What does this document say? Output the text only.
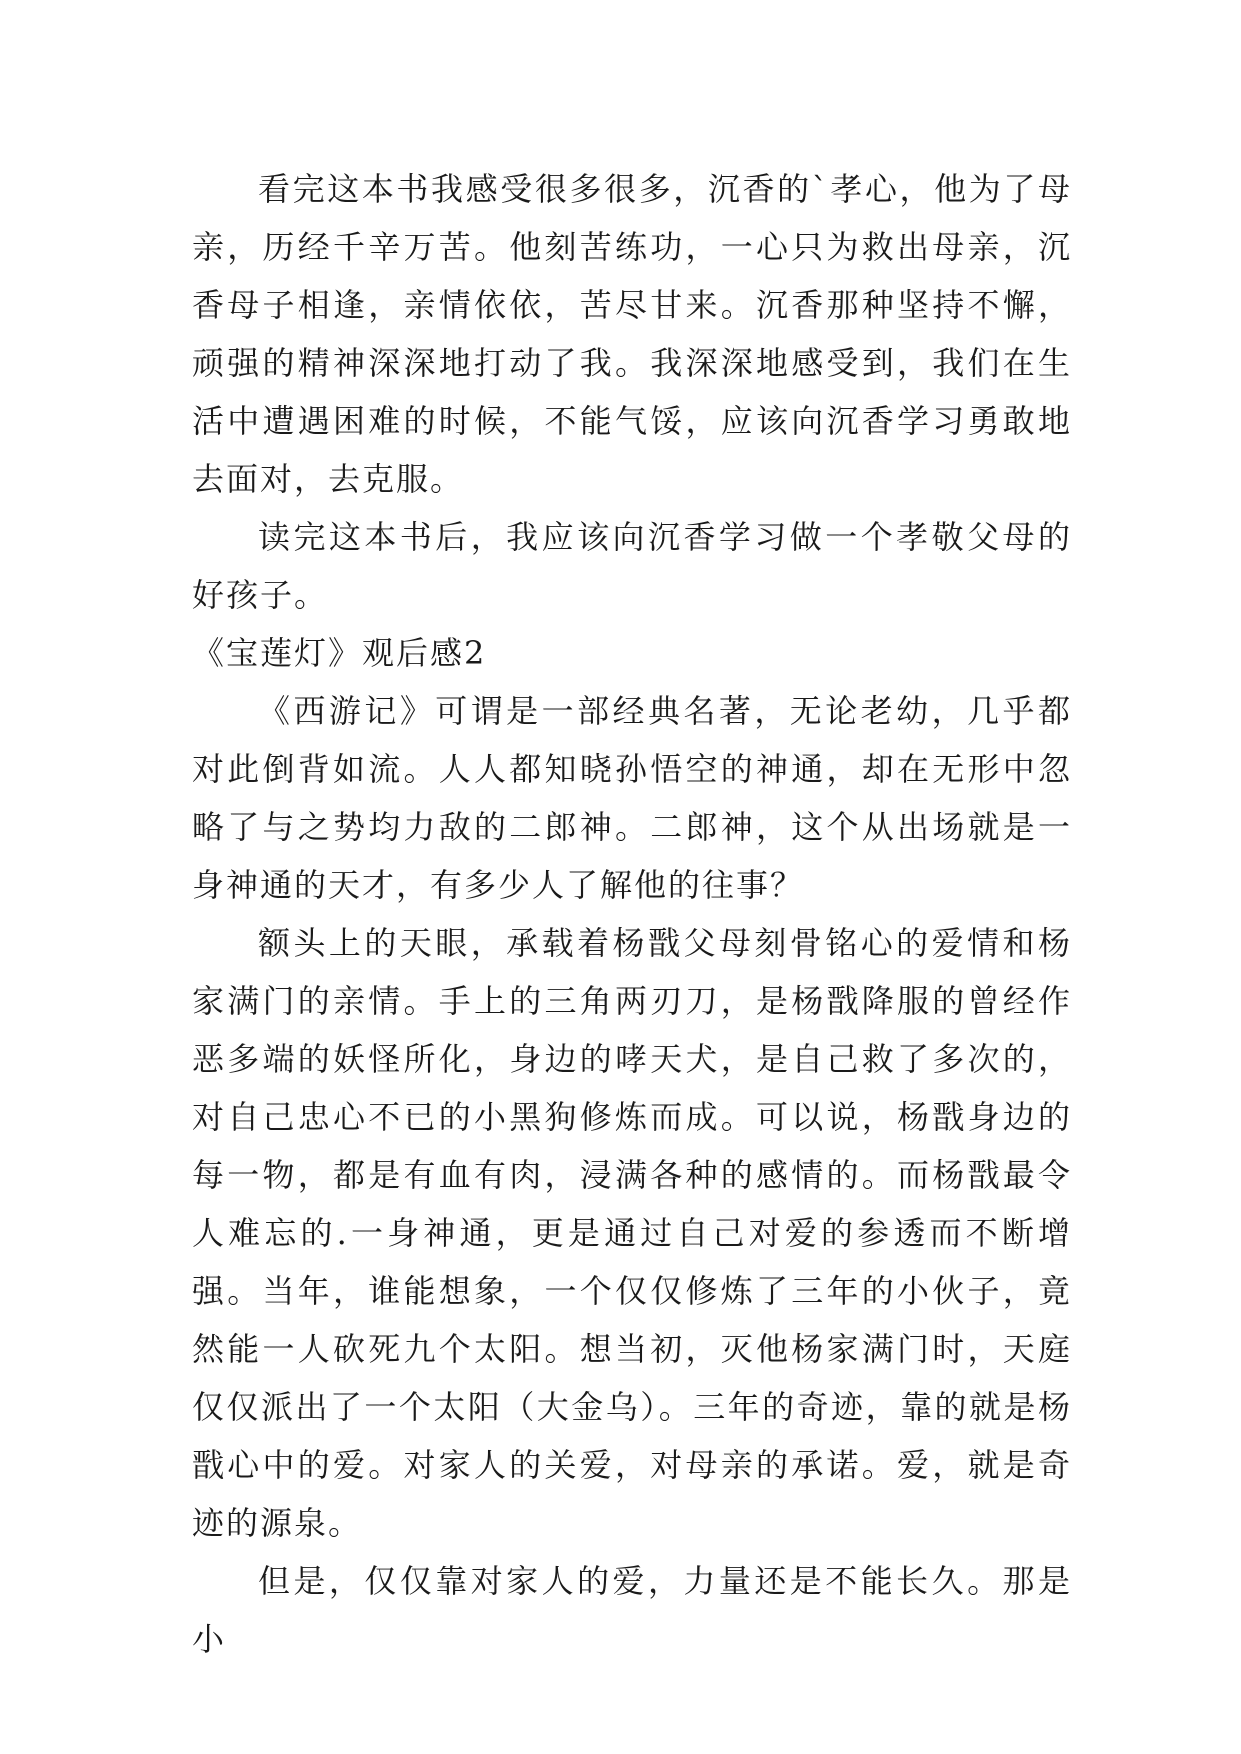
看完这本书我感受很多很多，沉香的`孝心，他为了母亲，历经千辛万苦。他刻苦练功，一心只为救出母亲，沉香母子相逢，亲情依依，苦尽甘来。沉香那种坚持不懈，顽强的精神深深地打动了我。我深深地感受到，我们在生活中遭遇困难的时候，不能气馁，应该向沉香学习勇敢地去面对，去克服。

读完这本书后，我应该向沉香学习做一个孝敬父母的好孩子。

《宝莲灯》观后感2

《西游记》可谓是一部经典名著，无论老幼，几乎都对此倒背如流。人人都知晓孙悟空的神通，却在无形中忽略了与之势均力敌的二郎神。二郎神，这个从出场就是一身神通的天才，有多少人了解他的往事？

额头上的天眼，承载着杨戬父母刻骨铭心的爱情和杨家满门的亲情。手上的三角两刃刀，是杨戬降服的曾经作恶多端的妖怪所化，身边的哮天犬，是自己救了多次的，对自己忠心不已的小黑狗修炼而成。可以说，杨戬身边的每一物，都是有血有肉，浸满各种的感情的。而杨戬最令人难忘的.一身神通，更是通过自己对爱的参透而不断增强。当年，谁能想象，一个仅仅修炼了三年的小伙子，竟然能一人砍死九个太阳。想当初，灭他杨家满门时，天庭仅仅派出了一个太阳（大金乌）。三年的奇迹，靠的就是杨戬心中的爱。对家人的关爱，对母亲的承诺。爱，就是奇迹的源泉。

但是，仅仅靠对家人的爱，力量还是不能长久。那是小
